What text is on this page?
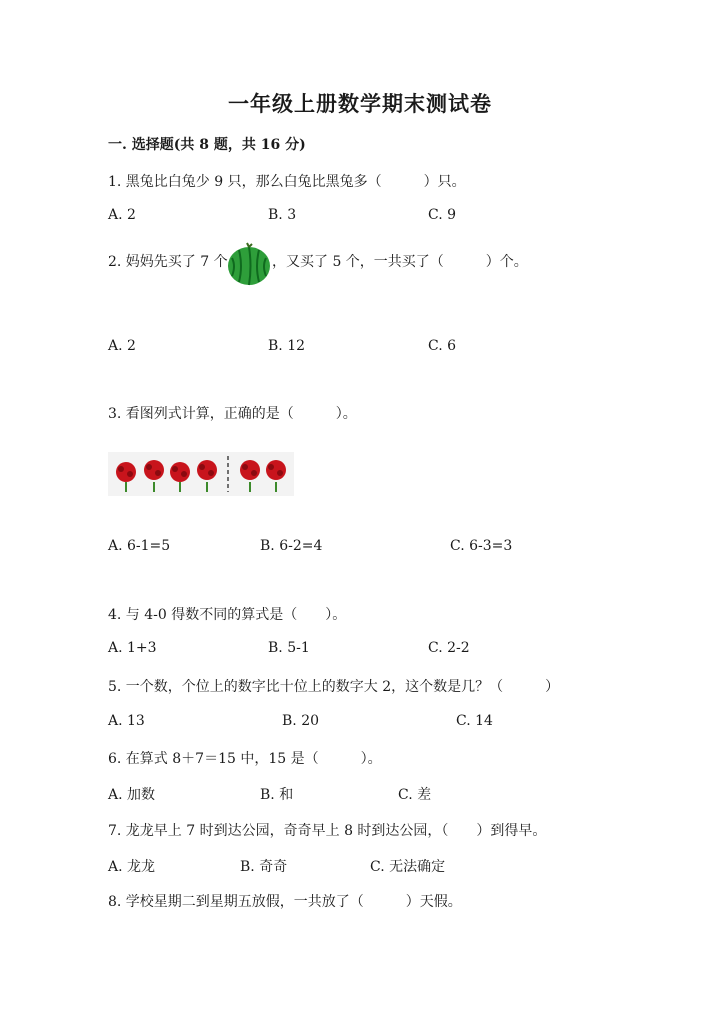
一年级上册数学期末测试卷
一. 选择题(共 8 题，共 16 分)
1. 黑兔比白兔少 9 只，那么白兔比黑兔多（　　　）只。
A. 2	B. 3	C. 9
2. 妈妈先买了 7 个	，又买了 5 个，一共买了（　　　）个。
A. 2	B. 12	C. 6
3. 看图列式计算，正确的是（　　　）。
A. 6-1=5	B. 6-2=4	C. 6-3=3
4. 与 4-0 得数不同的算式是（　　）。
A. 1+3	B. 5-1	C. 2-2
5. 一个数，个位上的数字比十位上的数字大 2，这个数是几？（　　　）
A. 13	B. 20	C. 14
6. 在算式 8＋7＝15 中，15 是（　　　）。
A. 加数	B. 和	C. 差
7. 龙龙早上 7 时到达公园，奇奇早上 8 时到达公园，（　　）到得早。
A. 龙龙	B. 奇奇	C. 无法确定
8. 学校星期二到星期五放假，一共放了（　　　）天假。
